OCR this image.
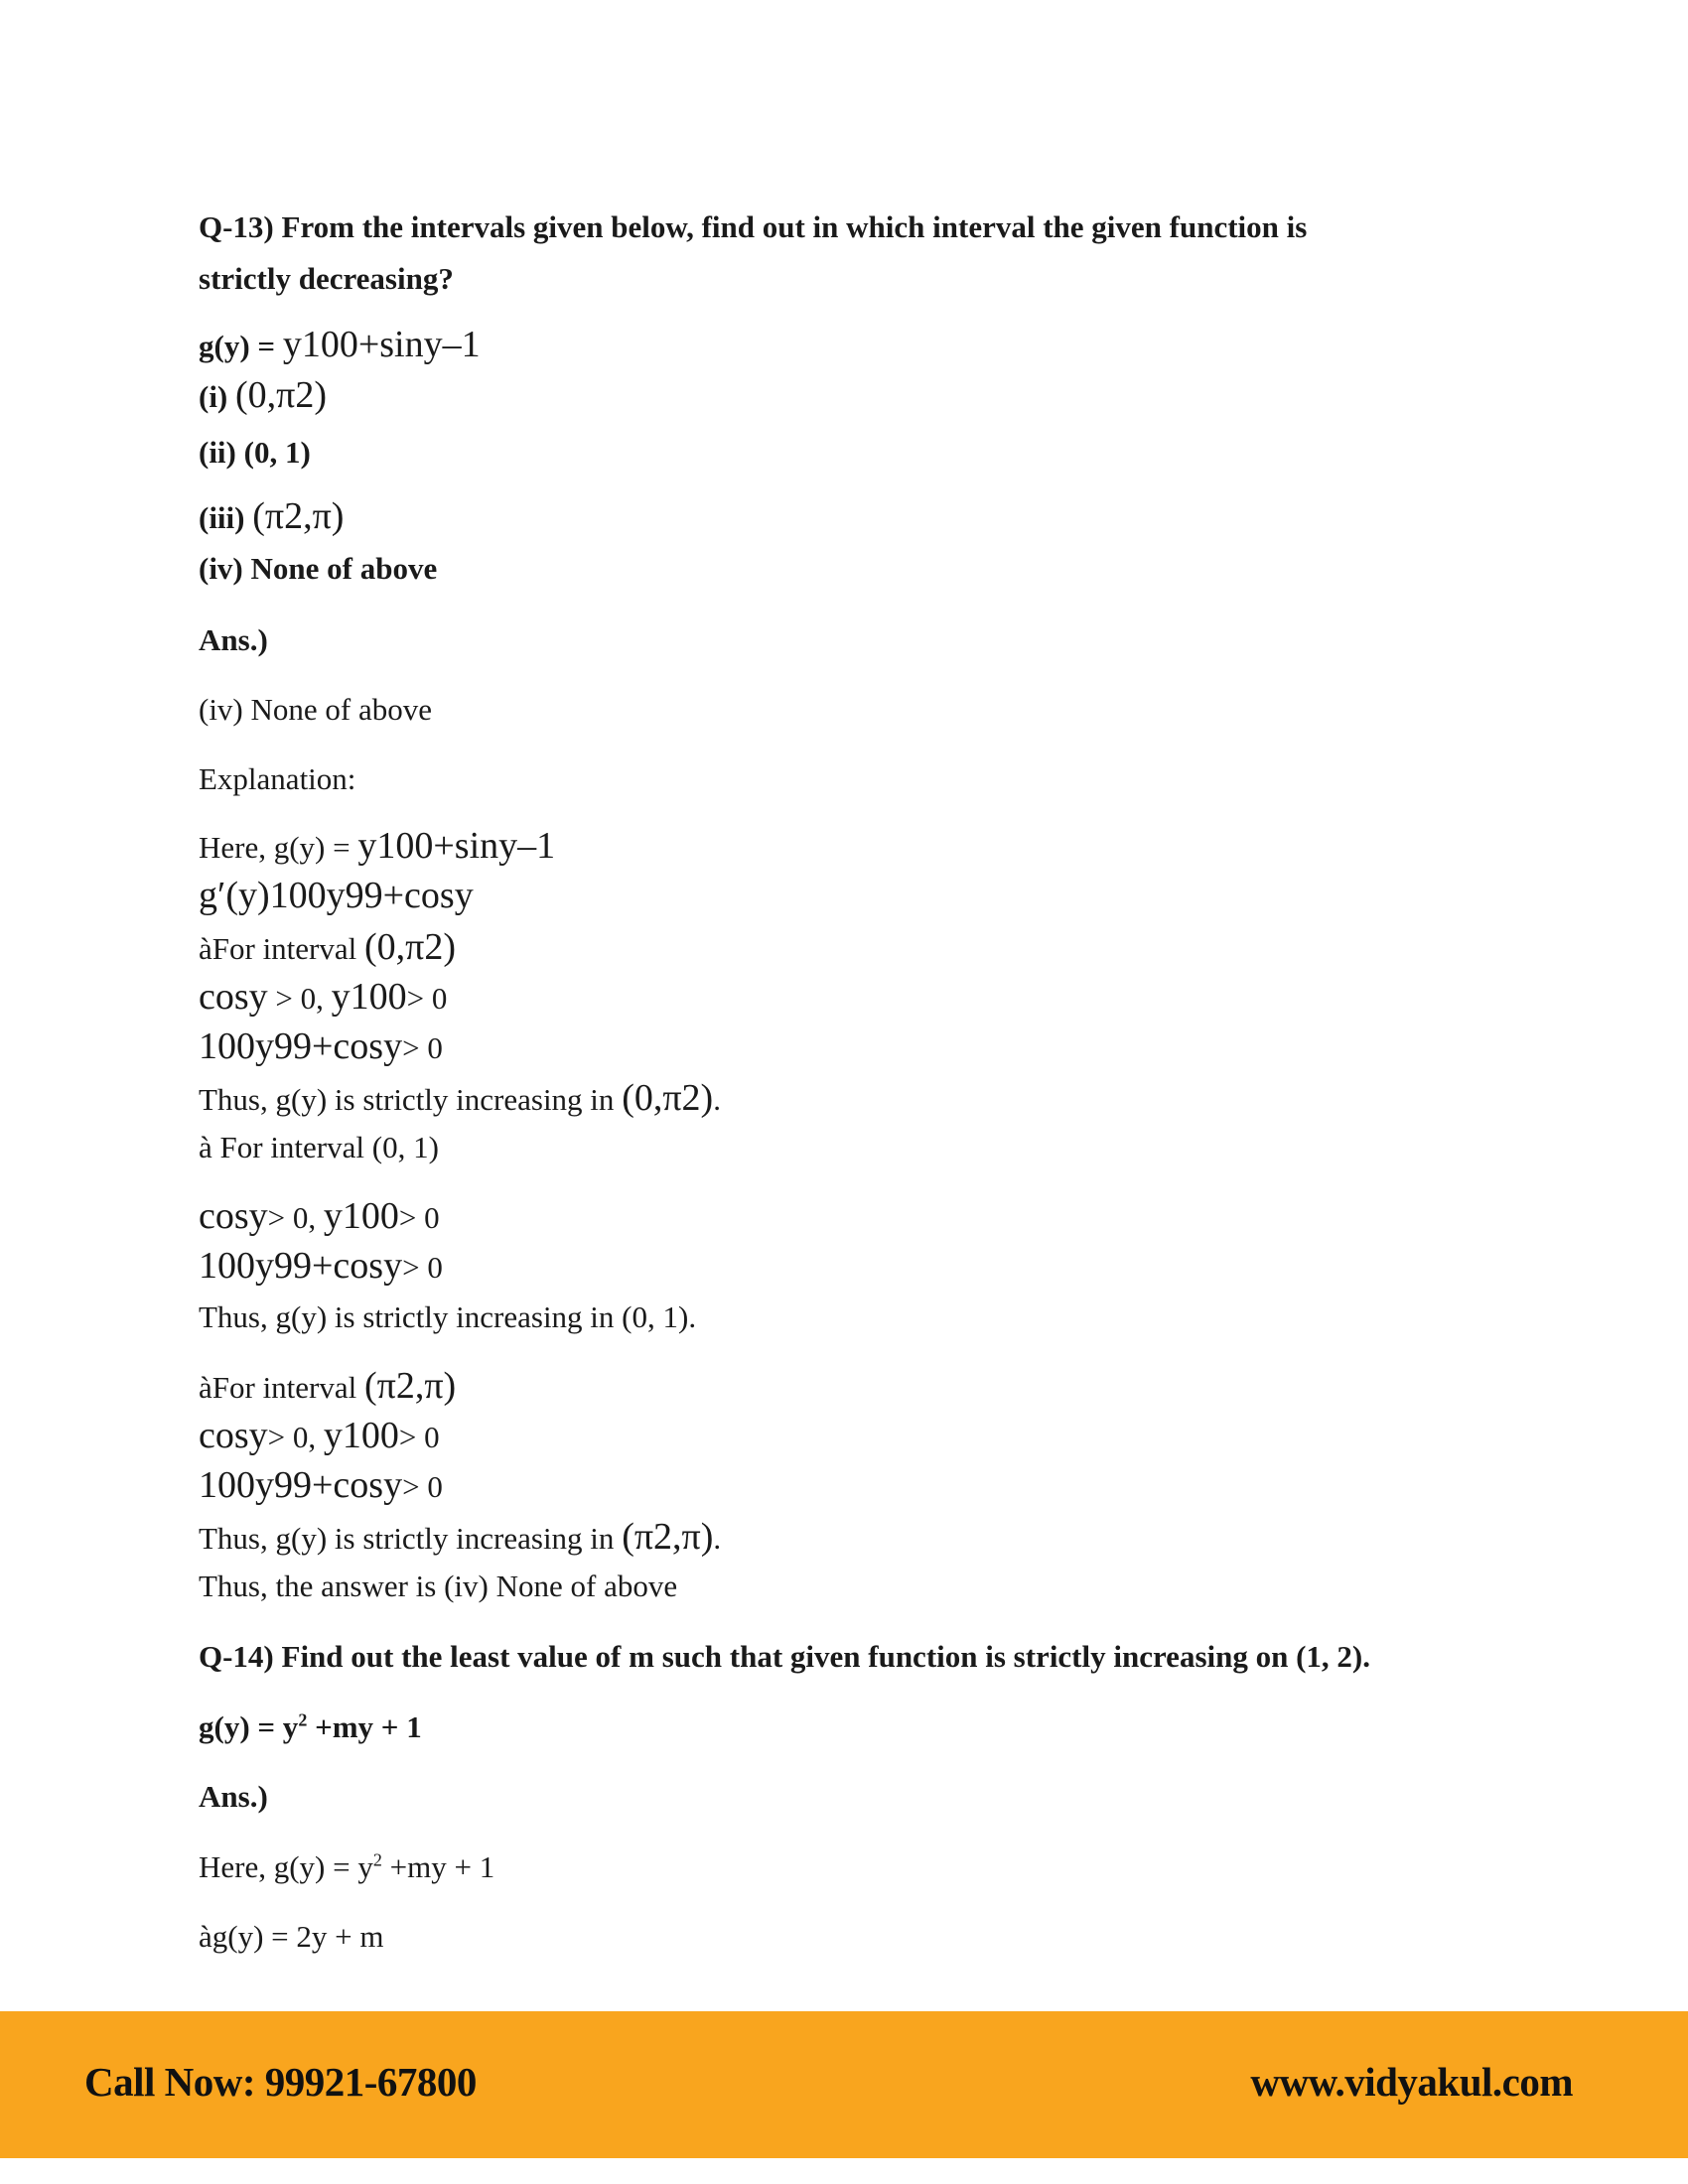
Q-13) From the intervals given below, find out in which interval the given function is

strictly decreasing?

g(y) = y100+siny–1

(i) (0,π2)

(ii) (0, 1)

(iii) (π2,π)

(iv) None of above

Ans.)

(iv) None of above

Explanation:

Here, g(y) = y100+siny–1

g′(y)100y99+cosy

àFor interval (0,π2)

cosy > 0, y100> 0

100y99+cosy> 0

Thus, g(y) is strictly increasing in (0,π2).

à For interval (0, 1)

cosy> 0, y100> 0

100y99+cosy> 0

Thus, g(y) is strictly increasing in (0, 1).

àFor interval (π2,π)

cosy> 0, y100> 0

100y99+cosy> 0

Thus, g(y) is strictly increasing in (π2,π).

Thus, the answer is (iv) None of above

Q-14) Find out the least value of m such that given function is strictly increasing on (1, 2).

$g(y) = y^2 +my + 1$

Ans.)

Here, $g(y) = y^2 +my + 1$

àg(y) = 2y + m

Call Now: 99921-67800	www.vidyakul.com
